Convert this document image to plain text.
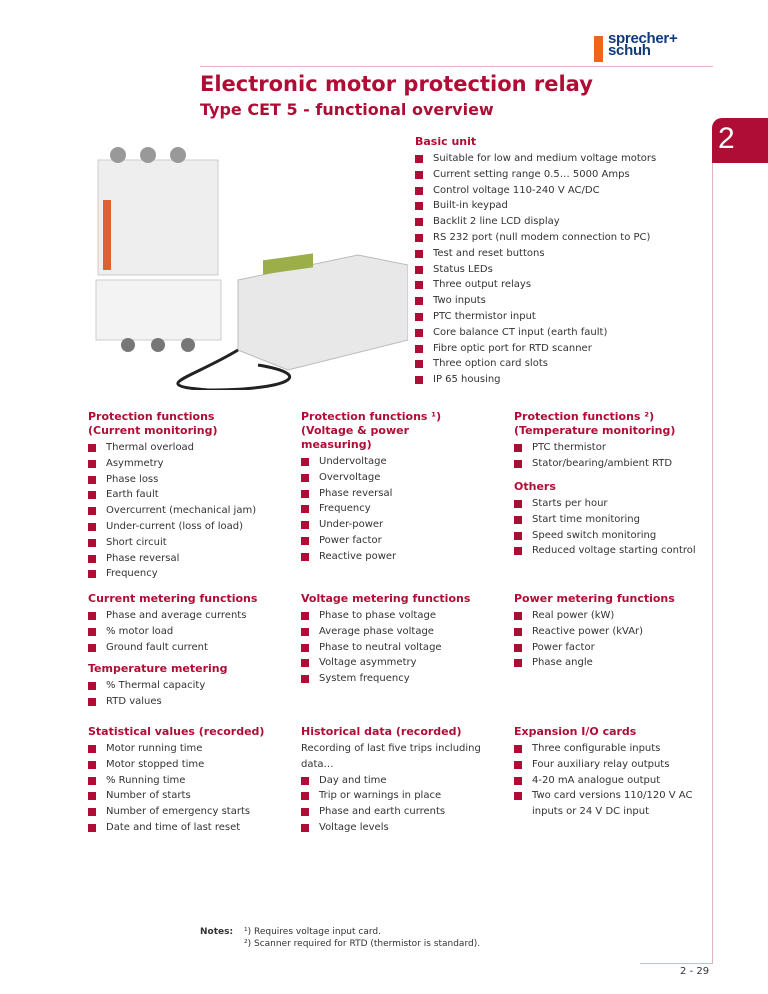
sprecher+
schuh
2
Electronic motor protection relay
Type CET 5 - functional overview
Basic unit
Suitable for low and medium voltage motors
Current setting range 0.5… 5000 Amps
Control voltage 110-240 V AC/DC
Built-in keypad
Backlit 2 line LCD display
RS 232 port (null modem connection to PC)
Test and reset buttons
Status LEDs
Three output relays
Two inputs
PTC thermistor input
Core balance CT input (earth fault)
Fibre optic port for RTD scanner
Three option card slots
IP 65 housing
Protection functions (Current monitoring)
Thermal overload
Asymmetry
Phase loss
Earth fault
Overcurrent (mechanical jam)
Under-current (loss of load)
Short circuit
Phase reversal
Frequency
Protection functions ¹) (Voltage & power measuring)
Undervoltage
Overvoltage
Phase reversal
Frequency
Under-power
Power factor
Reactive power
Protection functions ²) (Temperature monitoring)
PTC thermistor
Stator/bearing/ambient RTD
Others
Starts per hour
Start time monitoring
Speed switch monitoring
Reduced voltage starting control
Current metering functions
Phase and average currents
% motor load
Ground fault current
Temperature metering
% Thermal capacity
RTD values
Voltage metering functions
Phase to phase voltage
Average phase voltage
Phase to neutral voltage
Voltage asymmetry
System frequency
Power metering functions
Real power (kW)
Reactive power (kVAr)
Power factor
Phase angle
Statistical values (recorded)
Motor running time
Motor stopped time
% Running time
Number of starts
Number of emergency starts
Date and time of last reset
Historical data (recorded)

Recording of last five trips including data…

Day and time
Trip or warnings in place
Phase and earth currents
Voltage levels
Expansion I/O cards
Three configurable inputs
Four auxiliary relay outputs
4-20 mA analogue output
Two card versions 110/120 V AC inputs or 24 V DC input
Notes: ¹) Requires voltage input card.
²) Scanner required for RTD (thermistor is standard).
2 - 29
